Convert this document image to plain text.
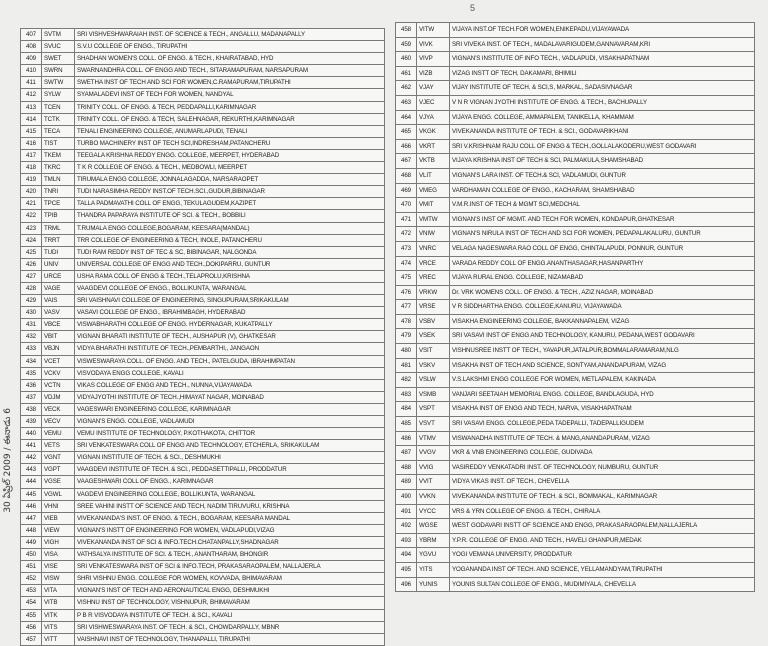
5
407	SVTM	SRI VISHVESHWARAIAH INST. OF SCIENCE & TECH., ANGALLU, MADANAPALLY
408	SVUC	S.V.U COLLEGE OF ENGG., TIRUPATHI
409	SWET	SHADHAN WOMEN'S COLL. OF ENGG. & TECH., KHAIRATABAD, HYD
410	SWRN	SWARNANDHRA COLL. OF ENGG AND TECH., SITARAMAPURAM, NARSAPURAM
411	SWTW	SWETHA INST OF TECH AND SCI FOR WOMEN,C.RAMAPURAM,TIRUPATHI
412	SYLW	SYAMALADEVI INST OF TECH FOR WOMEN, NANDYAL
413	TCEN	TRINITY COLL. OF ENGG. & TECH, PEDDAPALLI,KARIMNAGAR
414	TCTK	TRINITY COLL. OF ENGG. & TECH, SALEHNAGAR, REKURTHI,KARIMNAGAR
415	TECA	TENALI ENGINEERING COLLEGE, ANUMARLAPUDI, TENALI
416	TIST	TURBO MACHINERY INST OF TECH SCI,INDRESHAM,PATANCHERU
417	TKEM	TEEGALA KRISHNA REDDY ENGG. COLLEGE, MEERPET, HYDERABAD
418	TKRC	T K R COLLEGE OF ENGG. & TECH., MEDBOWLI, MEERPET
419	TMLN	TIRUMALA ENGG COLLEGE, JONNALAGADDA, NARSARAOPET
420	TNRI	TUDI NARASIMHA REDDY INST.OF TECH.SCI.,GUDUR,BIBINAGAR
421	TPCE	TALLA PADMAVATHI COLL OF ENGG, TEKULAGUDEM,KAZIPET
422	TPIB	THANDRA PAPARAYA INSTITUTE OF SCI. & TECH., BOBBILI
423	TRML	T.RUMALA ENGG COLLEGE,BOGARAM, KEESARA(MANDAL)
424	TRRT	TRR COLLEGE OF ENGINEERING & TECH, INOLE, PATANCHERU
425	TUDI	TUDI RAM REDDY INST OF TEC & SC, BIBINAGAR, NALGONDA
426	UNIV	UNIVERSAL COLLEGE OF ENGG AND TECH.,DOKIPARRU, GUNTUR
427	URCE	USHA RAMA COLL OF ENGG & TECH.,TELAPROLU,KRISHNA
428	VAGE	VAAGDEVI COLLEGE OF ENGG., BOLLIKUNTA, WARANGAL
429	VAIS	SRI VAISHNAVI COLLEGE OF ENGINEERING, SINGUPURAM,SRIKAKULAM
430	VASV	VASAVI COLLEGE OF ENGG., IBRAHIMBAGH, HYDERABAD
431	VBCE	VISWABHARATHI COLLEGE OF ENGG. HYDERNAGAR, KUKATPALLY
432	VBIT	VIGNAN BHARATI INSTITUTE OF TECH., AUSHAPUR (V), GHATKESAR
433	VBJN	VIDYA BHARATHI INSTITUTE OF TECH.,PEMBARTHI,, JANGAON
434	VCET	VISWESWARAYA COLL. OF ENGG. AND TECH., PATELGUDA, IBRAHIMPATAN
435	VCKV	VISVODAYA ENGG COLLEGE, KAVALI
436	VCTN	VIKAS COLLEGE OF ENGG AND TECH., NUNNA,VIJAYAWADA
437	VDJM	VIDYAJYOTHI INSTITUTE OF TECH.,HIMAYAT NAGAR, MOINABAD
438	VECK	VAGESWARI ENGINEERING COLLEGE, KARIMNAGAR
439	VECV	VIGNAN'S ENGG. COLLEGE, VADLAMUDI
440	VEMU	VEMU INSTITUTE OF TECHNOLOGY, P.KOTHAKOTA, CHITTOR
441	VETS	SRI VENKATESWARA COLL OF ENGG AND TECHNOLOGY, ETCHERLA, SRIKAKULAM
442	VGNT	VIGNAN INSTITUTE OF TECH. & SCI., DESHMUKHI
443	VGPT	VAAGDEVI INSTITUTE OF TECH. & SCI., PEDDASETTIPALLI, PRODDATUR
444	VGSE	VAAGESHWARI COLL OF ENGG., KARIMNAGAR
445	VGWL	VAGDEVI ENGINEERING COLLEGE, BOLLIKUNTA, WARANGAL
446	VHNI	SREE VAHINI INSTT OF SCIENCE AND TECH, NADIM TIRUVURU, KRISHNA
447	VIEB	VIVEKANANDA'S INST. OF ENGG. & TECH., BOGARAM, KEESARA MANDAL
448	VIEW	VIGNAN'S INSTT OF ENGINEERING FOR WOMEN, VADLAPUDI,VIZAG
449	VIGH	VIVEKANANDA INST OF SCI & INFO.TECH.CHATANPALLY,SHADNAGAR
450	VISA	VATHSALYA INSTITUTE OF SCI. & TECH., ANANTHARAM, BHONGIR
451	VISE	SRI VENKATESWARA INST OF SCI & INFO.TECH, PRAKASARAOPALEM, NALLAJERLA
452	VISW	SHRI VISHNU ENGG. COLLEGE FOR WOMEN, KOVVADA, BHIMAVARAM
453	VITA	VIGNAN'S INST OF TECH AND AERONAUTICAL ENGG, DESHMUKHI
454	VITB	VISHNU INST OF TECHNOLOGY, VISHNUPUR, BHIMAVARAM
455	VITK	P B R VISVODAYA INSTITUTE OF TECH. & SCI., KAVALI
456	VITS	SRI VISHWESWARAYA INST. OF TECH. & SCI., CHOWDARPALLY, MBNR
457	VITT	VAISHNAVI INST OF TECHNOLOGY, THANAPALLI, TIRUPATHI
458	VITW	VIJAYA INST.OF TECH.FOR WOMEN,ENIKEPADU,VIJAYAWADA
459	VIVK	SRI VIVEKA INST. OF TECH., MADALAVARIGUDEM,GANNAVARAM,KRI
460	VIVP	VIGNAN'S INSTITUTE OF INFO TECH., VADLAPUDI, VISAKHAPATNAM
461	VIZB	VIZAG INSTT OF TECH, DAKAMARI, BHIMILI
462	VJAY	VIJAY INSTITUTE OF TECH. & SCI,S, MARKAL, SADASIVNAGAR
463	VJEC	V N R VIGNAN JYOTHI INSTITUTE OF ENGG. & TECH., BACHUPALLY
464	VJYA	VIJAYA ENGG. COLLEGE, AMMAPALEM, TANIKELLA, KHAMMAM
465	VKGK	VIVEKANANDA INSTITUTE OF TECH. & SCI., GODAVARIKHANI
466	VKRT	SRI V.KRISHNAM RAJU COLL OF ENGG & TECH.,GOLLALAKODERU,WEST GODAVARI
467	VKTB	VIJAYA KRISHNA INST OF TECH & SCI, PALMAKULA,SHAMSHABAD
468	VLIT	VIGNAN'S LARA INST. OF TECH.& SCI, VADLAMUDI, GUNTUR
469	VMEG	VARDHAMAN COLLEGE OF ENGG., KACHARAM, SHAMSHABAD
470	VMIT	V.M.R.INST OF TECH & MGMT SCI,MEDCHAL
471	VMTW	VIGNAN'S INST OF MGMT. AND TECH FOR WOMEN, KONDAPUR,GHATKESAR
472	VNIW	VIGNAN'S NIRULA INST OF TECH AND SCI FOR WOMEN, PEDAPALAKALURU, GUNTUR
473	VNRC	VELAGA NAGESWARA RAO COLL OF ENGG, CHINTALAPUDI, PONNUR, GUNTUR
474	VRCE	VARADA REDDY COLL OF ENGG.ANANTHASAGAR,HASANPARTHY
475	VREC	VIJAYA RURAL ENGG. COLLEGE, NIZAMABAD
476	VRKW	Dr. VRK WOMENS COLL. OF ENGG. & TECH., AZIZ NAGAR, MOINABAD
477	VRSE	V R SIDDHARTHA ENGG. COLLEGE,KANURU, VIJAYAWADA
478	VSBV	VISAKHA ENGINEERING COLLEGE, BAKKANNAPALEM, VIZAG
479	VSEK	SRI VASAVI INST OF ENGG AND TECHNOLOGY, KANURU, PEDANA,WEST GODAVARI
480	VSIT	VISHNUSREE INSTT OF TECH., YAVAPUR,JATALPUR,BOMMALARAMARAM,NLG
481	VSKV	VISAKHA INST OF TECH AND SCIENCE, SONTYAM,ANANDAPURAM, VIZAG
482	VSLW	V.S.LAKSHMI ENGG COLLEGE FOR WOMEN, METLAPALEM, KAKINADA
483	VSMB	VANJARI SEETAIAH MEMORIAL ENGG. COLLEGE, BANDLAGUDA, HYD
484	VSPT	VISAKHA INST OF ENGG AND TECH, NARVA, VISAKHAPATNAM
485	VSVT	SRI VASAVI ENGG. COLLEGE,PEDA TADEPALLI, TADEPALLIGUDEM
486	VTMV	VISWANADHA INSTITUTE OF TECH. & MANG,ANANDAPURAM, VIZAG
487	VVGV	VKR & VNB ENGINEERING COLLEGE, GUDIVADA
488	VVIG	VASIREDDY VENKATADRI INST. OF TECHNOLOGY, NUMBURU, GUNTUR
489	VVIT	VIDYA VIKAS INST. OF TECH., CHEVELLA
490	VVKN	VIVEKANANDA INSTITUTE OF TECH. & SCI., BOMMAKAL, KARIMNAGAR
491	VYCC	VRS & YRN COLLEGE OF ENGG. & TECH., CHIRALA
492	WGSE	WEST GODAVARI INSTT OF SCIENCE AND ENGG, PRAKASARAOPALEM,NALLAJERLA
493	YBRM	Y.P.R. COLLEGE OF ENGG. AND TECH., HAVELI GHANPUR,MEDAK
494	YGVU	YOGI VEMANA UNIVERSITY, PRODDATUR
495	YITS	YOGANANDA INST OF TECH. AND SCIENCE, YELLAMANDYAM,TIRUPATHI
496	YUNIS	YOUNIS SULTAN COLLEGE OF ENGG., MUDIMIYALA, CHEVELLA
30 ఏప్రిల్‌ 2009 / ఈనాడు 6
